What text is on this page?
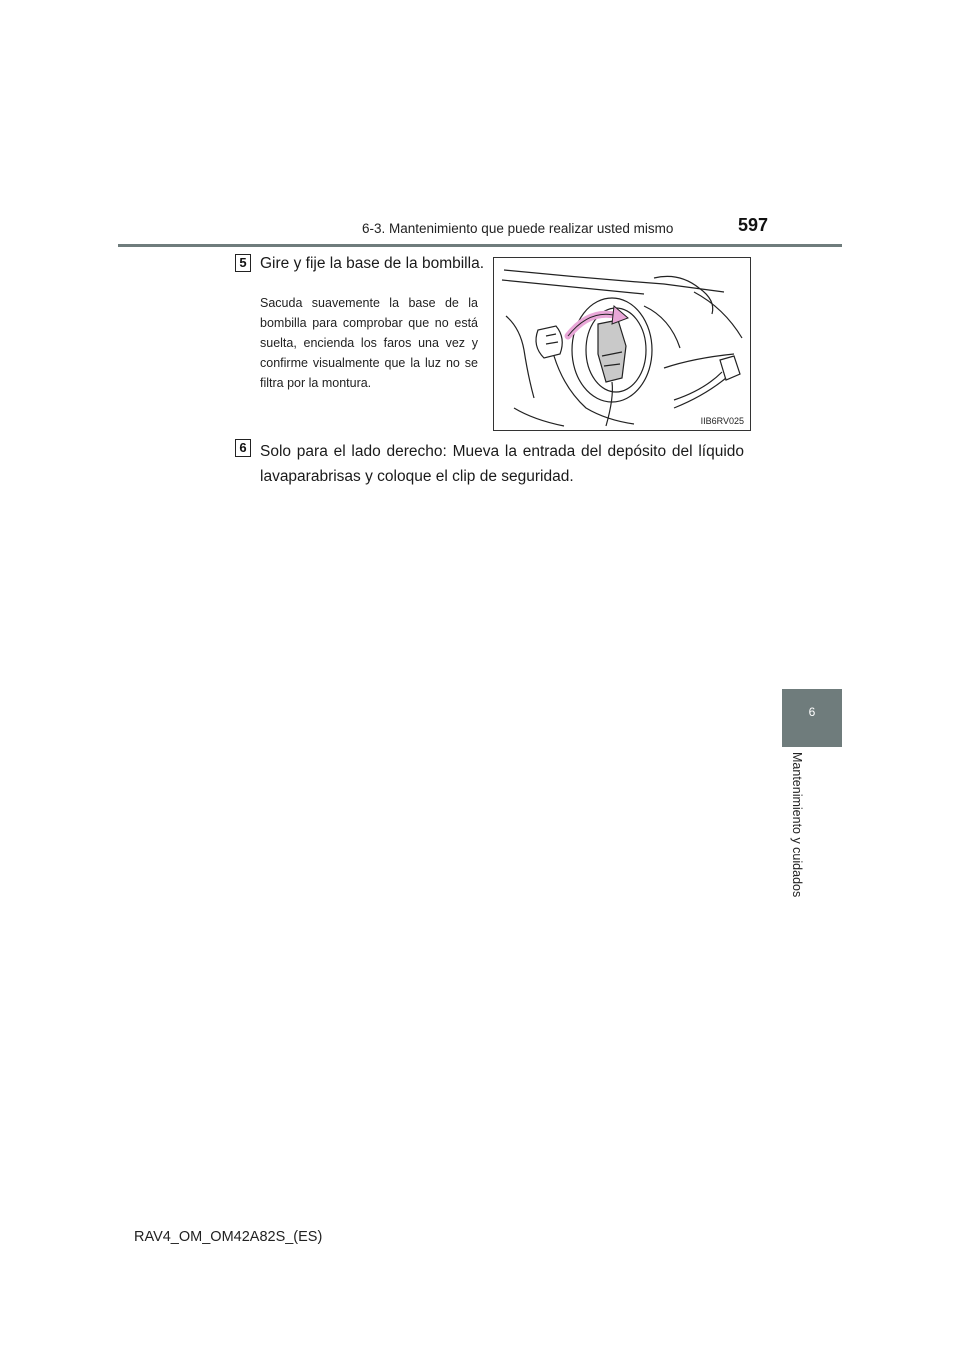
6-3. Mantenimiento que puede realizar usted mismo	597
5 Gire y fije la base de la bombilla.
Sacuda suavemente la base de la bombilla para comprobar que no está suelta, encienda los faros una vez y confirme visualmente que la luz no se filtra por la montura.
IIB6RV025
6 Solo para el lado derecho: Mueva la entrada del depósito del líquido lavaparabrisas y coloque el clip de seguridad.
6
Mantenimiento y cuidados
RAV4_OM_OM42A82S_(ES)
